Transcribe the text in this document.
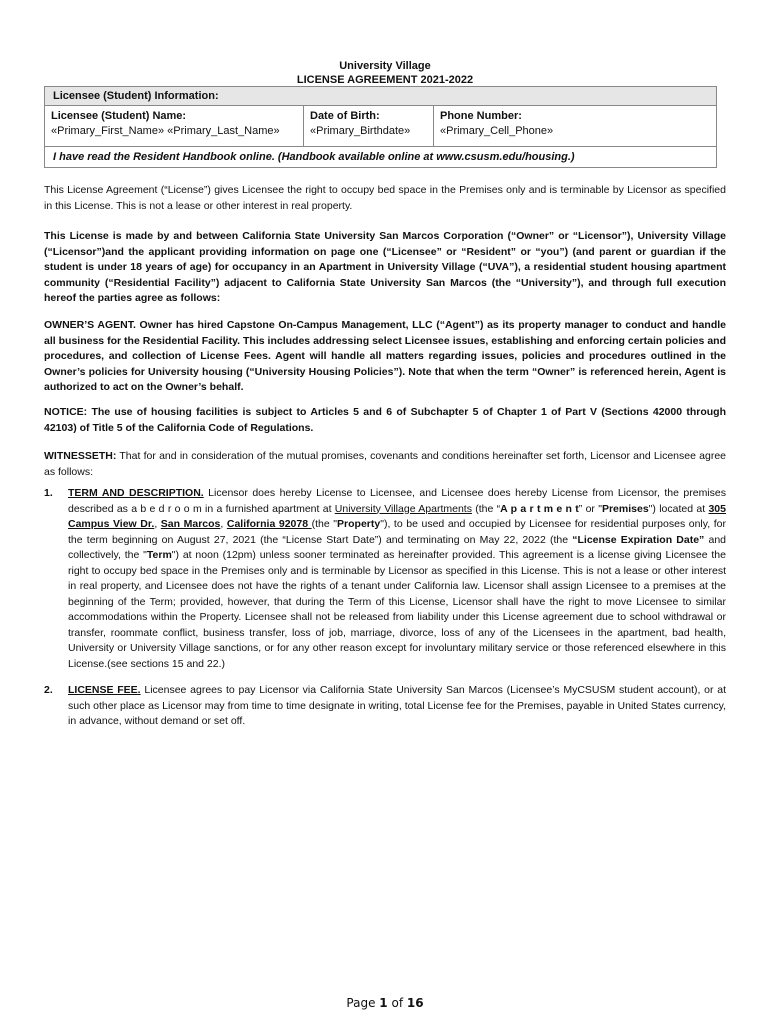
University Village
LICENSE AGREEMENT 2021-2022
Licensee (Student) Information:
Licensee (Student) Name:
«Primary_First_Name» «Primary_Last_Name»
Date of Birth:
«Primary_Birthdate»
Phone Number:
«Primary_Cell_Phone»
I have read the Resident Handbook online. (Handbook available online at www.csusm.edu/housing.)
This License Agreement (“License”) gives Licensee the right to occupy bed space in the Premises only and is terminable by Licensor as specified in this License. This is not a lease or other interest in real property.
This License is made by and between California State University San Marcos Corporation (“Owner” or “Licensor”), University Village (“Licensor”)and the applicant providing information on page one (“Licensee” or “Resident” or “you”) (and parent or guardian if the student is under 18 years of age) for occupancy in an Apartment in University Village (“UVA”), a residential student housing apartment community (“Residential Facility”) adjacent to California State University San Marcos (the “University”), and through full execution hereof the parties agree as follows:
OWNER’S AGENT. Owner has hired Capstone On-Campus Management, LLC (“Agent”) as its property manager to conduct and handle all business for the Residential Facility. This includes addressing select Licensee issues, establishing and enforcing certain policies and procedures, and collection of License Fees. Agent will handle all matters regarding issues, policies and procedures outlined in the Owner’s policies for University housing (“University Housing Policies”). Note that when the term “Owner” is referenced herein, Agent is authorized to act on the Owner’s behalf.
NOTICE: The use of housing facilities is subject to Articles 5 and 6 of Subchapter 5 of Chapter 1 of Part V (Sections 42000 through 42103) of Title 5 of the California Code of Regulations.
WITNESSETH: That for and in consideration of the mutual promises, covenants and conditions hereinafter set forth, Licensor and Licensee agree as follows:
1. TERM AND DESCRIPTION. Licensor does hereby License to Licensee, and Licensee does hereby License from Licensor, the premises described as a b e d r o o m in a furnished apartment at University Village Apartments (the “A p a r t m e n t” or "Premises") located at 305 Campus View Dr., San Marcos, California 92078 (the "Property"), to be used and occupied by Licensee for residential purposes only, for the term beginning on August 27, 2021 (the “License Start Date”) and terminating on May 22, 2022 (the “License Expiration Date” and collectively, the "Term") at noon (12pm) unless sooner terminated as hereinafter provided. This agreement is a license giving Licensee the right to occupy bed space in the Premises only and is terminable by Licensor as specified in this License. This is not a lease or other interest in real property, and Licensee does not have the rights of a tenant under California law. Licensor shall assign Licensee to a premises at the beginning of the Term; provided, however, that during the Term of this License, Licensor shall have the right to move Licensee to similar accommodations within the Property. Licensee shall not be released from liability under this License agreement due to school withdrawal or transfer, roommate conflict, business transfer, loss of job, marriage, divorce, loss of any of the Licensees in the apartment, bad health, University or University Village sanctions, or for any other reason except for involuntary military service or those referenced elsewhere in this License.(see sections 15 and 22.)
2. LICENSE FEE. Licensee agrees to pay Licensor via California State University San Marcos (Licensee’s MyCSUSM student account), or at such other place as Licensor may from time to time designate in writing, total License fee for the Premises, payable in United States currency, in advance, without demand or set off.
Page 1 of 16
